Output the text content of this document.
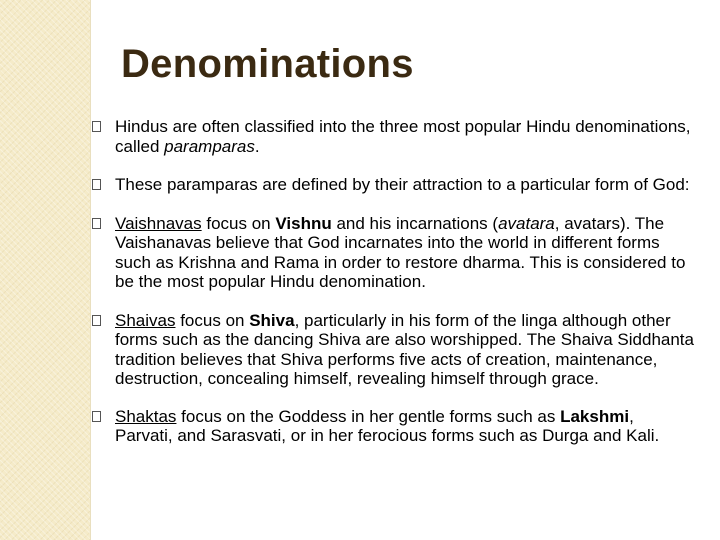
Denominations
Hindus are often classified into the three most popular Hindu denominations, called paramparas.
These paramparas are defined by their attraction to a particular form of God:
Vaishnavas focus on Vishnu and his incarnations (avatara, avatars). The Vaishanavas believe that God incarnates into the world in different forms such as Krishna and Rama in order to restore dharma. This is considered to be the most popular Hindu denomination.
Shaivas focus on Shiva, particularly in his form of the linga although other forms such as the dancing Shiva are also worshipped. The Shaiva Siddhanta tradition believes that Shiva performs five acts of creation, maintenance, destruction, concealing himself, revealing himself through grace.
Shaktas focus on the Goddess in her gentle forms such as Lakshmi, Parvati, and Sarasvati, or in her ferocious forms such as Durga and Kali.
